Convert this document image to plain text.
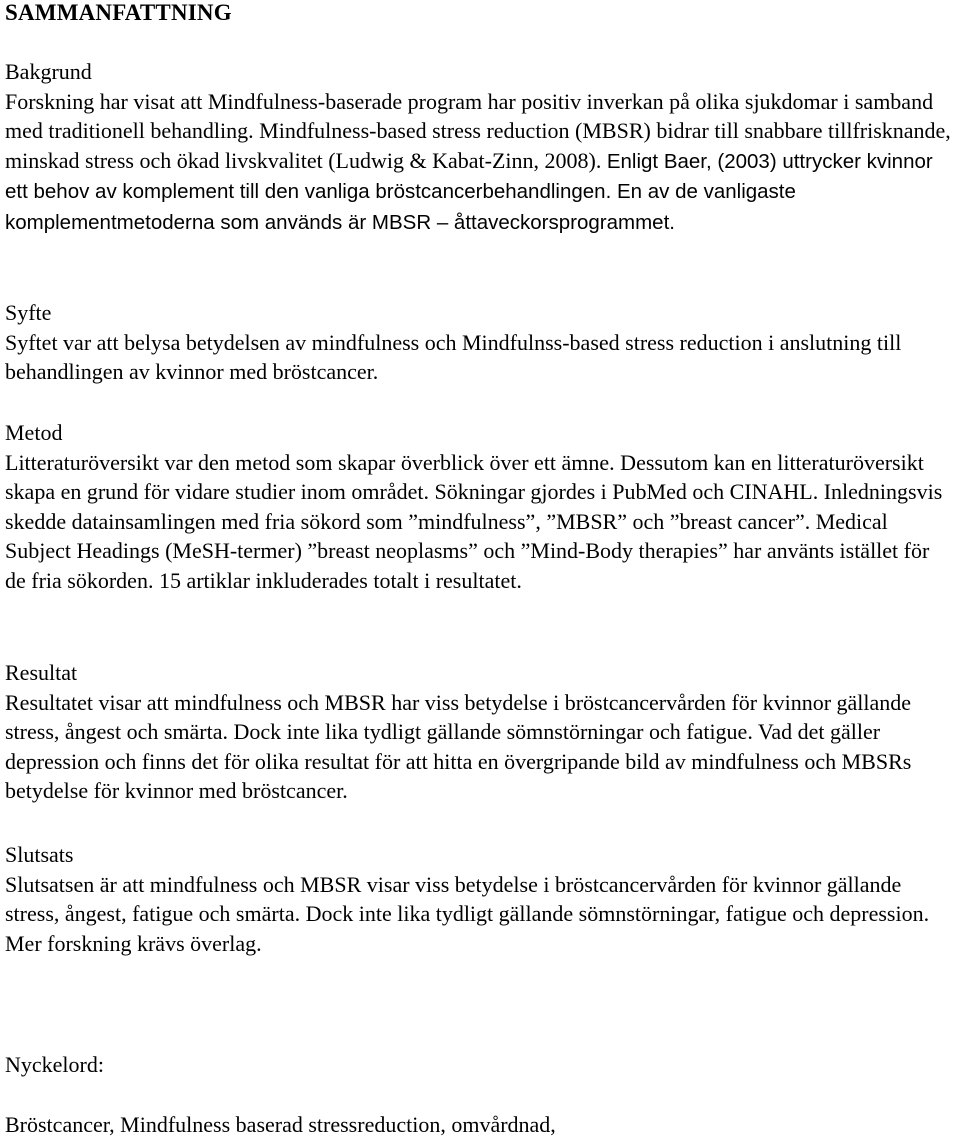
SAMMANFATTNING

Bakgrund

Forskning har visat att Mindfulness-baserade program har positiv inverkan på olika sjukdomar i samband med traditionell behandling. Mindfulness-based stress reduction (MBSR) bidrar till snabbare tillfrisknande, minskad stress och ökad livskvalitet (Ludwig & Kabat-Zinn, 2008). Enligt Baer, (2003) uttrycker kvinnor ett behov av komplement till den vanliga bröstcancerbehandlingen. En av de vanligaste komplementmetoderna som används är MBSR – åttaveckorsprogrammet.

Syfte

Syftet var att belysa betydelsen av mindfulness och Mindfulnss-based stress reduction i anslutning till behandlingen av kvinnor med bröstcancer.

Metod

Litteraturöversikt var den metod som skapar överblick över ett ämne. Dessutom kan en litteraturöversikt skapa en grund för vidare studier inom området. Sökningar gjordes i PubMed och CINAHL. Inledningsvis skedde datainsamlingen med fria sökord som ”mindfulness”, ”MBSR” och ”breast cancer”. Medical Subject Headings (MeSH-termer) ”breast neoplasms” och ”Mind-Body therapies” har använts istället för de fria sökorden. 15 artiklar inkluderades totalt i resultatet.

Resultat

Resultatet visar att mindfulness och MBSR har viss betydelse i bröstcancervården för kvinnor gällande stress, ångest och smärta. Dock inte lika tydligt gällande sömnstörningar och fatigue. Vad det gäller depression och finns det för olika resultat för att hitta en övergripande bild av mindfulness och MBSRs betydelse för kvinnor med bröstcancer.

Slutsats

Slutsatsen är att mindfulness och MBSR visar viss betydelse i bröstcancervården för kvinnor gällande stress, ångest, fatigue och smärta. Dock inte lika tydligt gällande sömnstörningar, fatigue och depression. Mer forskning krävs överlag.

Nyckelord:

Bröstcancer, Mindfulness baserad stressreduction, omvårdnad,
